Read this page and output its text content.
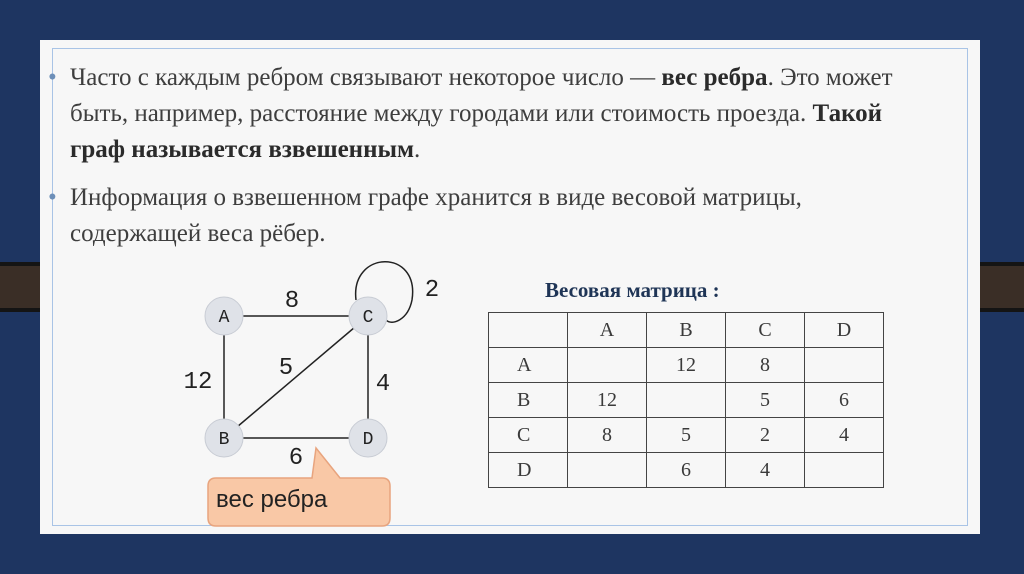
• Часто с каждым ребром связывают некоторое число — вес ребра. Это может быть, например, расстояние между городами или стоимость проезда. Такой граф называется взвешенным.
• Информация о взвешенном графе хранится в виде весовой матрицы, содержащей веса рёбер.
A	C
B	D
8
12
5
4
6
2
вес ребра
Весовая матрица :
	A	B	C	D
A		12	8	
B	12		5	6
C	8	5	2	4
D		6	4	
